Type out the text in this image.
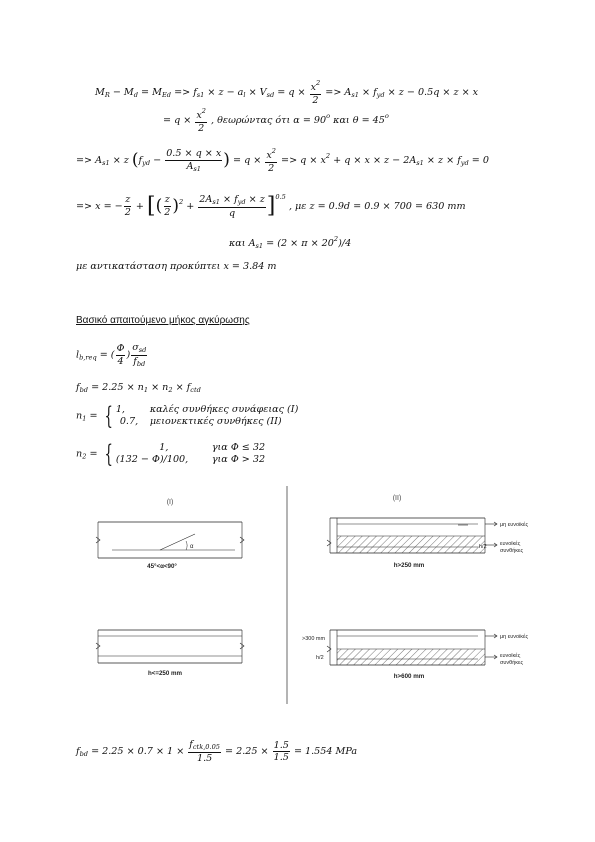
$M_R - M_d = M_{Ed} => f_{s1} \times z - a_l \times V_{sd} = q \times \frac{x^2}{2} => A_{s1} \times f_{yd} \times z - 0.5q \times z \times x$
= $q \times \frac{x^2}{2}$ , θεωρώντας ότι $\alpha = 90^o$ και $\theta = 45^o$
=> $A_{s1} \times z$ ($f_{yd} - \frac{0.5 \times q \times x}{A_{s1}}$ ) = $q \times \frac{x^2}{2} => q \times x^2 + q \times x \times z - 2A_{s1} \times z \times f_{yd} = 0$
=> x = − $\frac{z}{2}$ + [( $\frac{z}{2} )^2 + \frac{2A_{s1} \times f_{yd} \times z}{q} ]^{0.5}$ , με z = 0.9d = 0.9 × 700 = 630 mm
και $A_{s1} = (2 \times \pi \times 20^2)/4$
με αντικατάσταση προκύπτει x = 3.84 m
Βασικό απαιτούμενο μήκος αγκύρωσης
$l_{b,req}$ = ( $\frac{\Phi}{4}$ ) $\frac{\sigma_{sd}}{f_{bd}}$
$f_{bd} = 2.25 \times n_1 \times n_2 \times f_{ctd}$
$n_1$ = { 1,	καλές συνθήκες συνάφειας (I)
0.7, μειονεκτικές συνθήκες (II)
$n_2$ = {	1,	για Φ ≤ 32
(132 − Φ)/100, για Φ > 32
(I)
(II)
α
45°<α<90°
h<=250 mm
h/2
μη ευνοϊκές
ευνοϊκές
συνθήκες
h>250 mm
>300 mm
h/2
μη ευνοϊκές
ευνοϊκές
συνθήκες
h>600 mm
$f_{bd} = 2.25 \times 0.7 \times 1 \times \frac{f_{ctk,0.05}}{1.5} = 2.25 \times \frac{1.5}{1.5} = 1.554$ MPa
